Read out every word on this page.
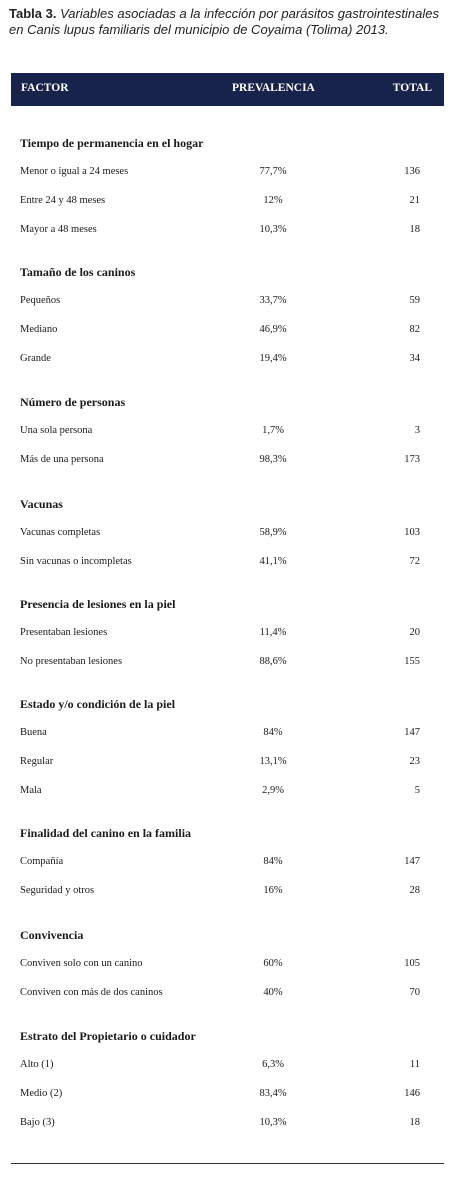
Tabla 3. Variables asociadas a la infección por parásitos gastrointestinales en Canis lupus familiaris del municipio de Coyaima (Tolima) 2013.
FACTOR	PREVALENCIA	TOTAL
Tiempo de permanencia en el hogar
Menor o igual a 24 meses	77,7%	136
Entre 24 y 48 meses	12%	21
Mayor a 48 meses	10,3%	18
Tamaño de los caninos
Pequeños	33,7%	59
Mediano	46,9%	82
Grande	19,4%	34
Número de personas
Una sola persona	1,7%	3
Más de una persona	98,3%	173
Vacunas
Vacunas completas	58,9%	103
Sin vacunas o incompletas	41,1%	72
Presencia de lesiones en la piel
Presentaban lesiones	11,4%	20
No presentaban lesiones	88,6%	155
Estado y/o condición de la piel
Buena	84%	147
Regular	13,1%	23
Mala	2,9%	5
Finalidad del canino en la familia
Compañía	84%	147
Seguridad y otros	16%	28
Convivencia
Conviven solo con un canino	60%	105
Conviven con más de dos caninos	40%	70
Estrato del Propietario o cuidador
Alto (1)	6,3%	11
Medio (2)	83,4%	146
Bajo (3)	10,3%	18
